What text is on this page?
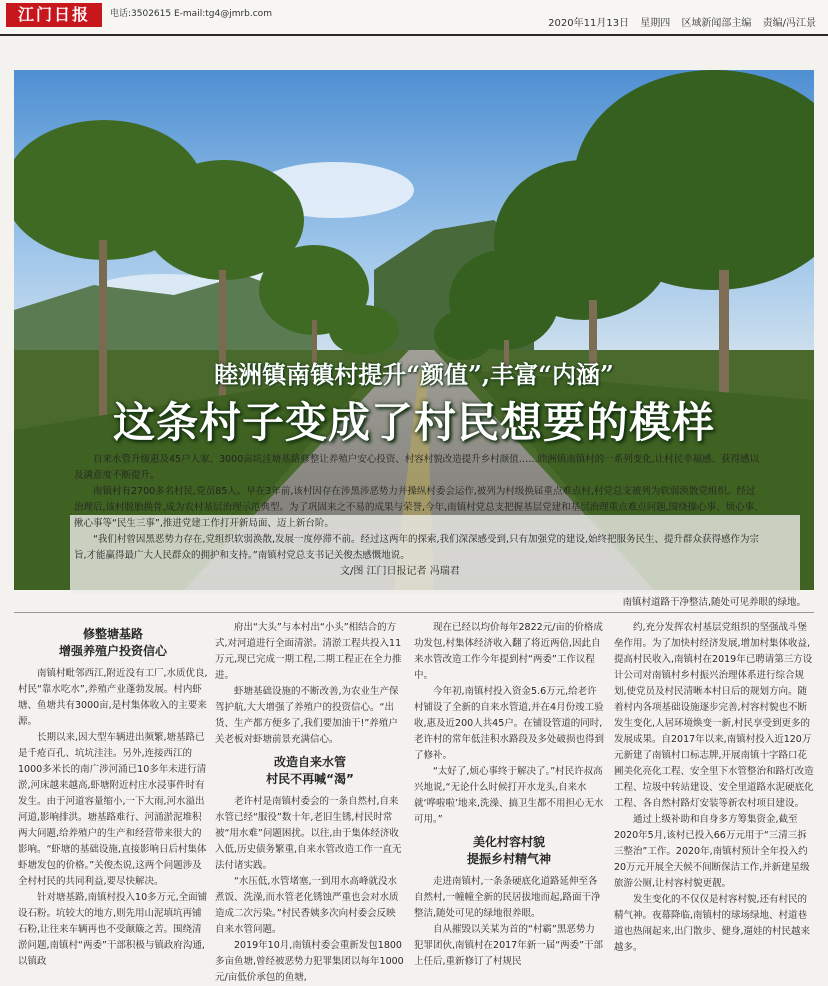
江门日报	电话:3502615 E-mail:tg4@jmrb.com
2020年11月13日 星期四 区域新闻部主编 责编/冯江景
睦洲镇南镇村提升“颜值”,丰富“内涵”
这条村子变成了村民想要的模样

自来水管升级惠及45户人家、3000亩坑洼塘基路修整让养殖户安心投资、村容村貌改造提升乡村颜值……睦洲镇南镇村的一系列变化,让村民幸福感、获得感以及满意度不断提升。

南镇村有2700多名村民,党员85人。早在3年前,该村因存在涉黑涉恶势力并操纵村委会运作,被列为村级换届重点难点村,村党总支被列为软弱涣散党组织。经过治理后,该村脱胎换骨,成为农村基层治理示范典型。为了巩固来之不易的成果与荣誉,今年,南镇村党总支把握基层党建和基层治理重点难点问题,围绕操心事、烦心事、揪心事等“民生三事”,推进党建工作打开新局面、迈上新台阶。

“我们村曾因黑恶势力存在,党组织软弱涣散,发展一度停滞不前。经过这两年的探索,我们深深感受到,只有加强党的建设,始终把服务民生、提升群众获得感作为宗旨,才能赢得最广大人民群众的拥护和支持。”南镇村党总支书记关俊杰感慨地说。

文/图 江门日报记者 冯瑞君
南镇村道路干净整洁,随处可见养眼的绿地。
修整塘基路
增强养殖户投资信心

南镇村毗邻西江,附近没有工厂,水质优良,村民“靠水吃水”,养殖产业蓬勃发展。村内虾塘、鱼塘共有3000亩,是村集体收入的主要来源。

长期以来,因大型车辆进出频繁,塘基路已是千疮百孔、坑坑洼洼。另外,连接西江的1000多米长的南广涉河涌已10多年未进行清淤,河床越来越高,虾塘附近村庄水浸事件时有发生。由于河道容量缩小,一下大雨,河水溢出河道,影响排洪。塘基路难行、河涌淤泥堆积两大问题,给养殖户的生产和经营带来很大的影响。“虾塘的基础设施,直接影响日后村集体虾塘发包的价格。”关俊杰说,这两个问题涉及全村村民的共同利益,要尽快解决。

针对塘基路,南镇村投入10多万元,全面铺设石粉。坑较大的地方,则先用山泥填坑再铺石粉,让往来车辆再也不受颠簸之苦。围绕清淤问题,南镇村“两委”干部积极与镇政府沟通,以镇政

府出“大头”与本村出“小头”相结合的方式,对河道进行全面清淤。清淤工程共投入11万元,现已完成一期工程,二期工程正在全力推进。

虾塘基础设施的不断改善,为农业生产保驾护航,大大增强了养殖户的投资信心。“出货、生产都方便多了,我们要加油干!”养殖户关老板对虾塘前景充满信心。

改造自来水管
村民不再喊“渴”

老许村是南镇村委会的一条自然村,自来水管已经“服役”数十年,老旧生锈,村民时常被“用水难”问题困扰。以往,由于集体经济收入低,历史债务繁重,自来水管改造工作一直无法付诸实践。

“水压低,水管堵塞,一到用水高峰就没水煮饭、洗澡,而水管老化锈蚀严重也会对水质造成二次污染。”村民香姨多次向村委会反映自来水管问题。

2019年10月,南镇村委会重新发包1800多亩鱼塘,曾经被恶势力犯罪集团以每年1000元/亩低价承包的鱼塘,

现在已经以均价每年2822元/亩的价格成功发包,村集体经济收入翻了将近两倍,因此自来水管改造工作今年提到村“两委”工作议程中。

今年初,南镇村投入资金5.6万元,给老许村铺设了全新的自来水管道,并在4月份竣工验收,惠及近200人共45户。在铺设管道的同时,老许村的常年低洼积水路段及多处破损也得到了修补。

“太好了,烦心事终于解决了。”村民许叔高兴地说,“无论什么时候打开水龙头,自来水就‘哗啦啦’地来,洗澡、搞卫生都不用担心无水可用。”

美化村容村貌
提振乡村精气神

走进南镇村,一条条硬底化道路延伸至各自然村,一幢幢全新的民居拔地而起,路面干净整洁,随处可见的绿地很养眼。

自从摧毁以关某为首的“村霸”黑恶势力犯罪团伙,南镇村在2017年新一届“两委”干部上任后,重新修订了村规民

约,充分发挥农村基层党组织的坚强战斗堡垒作用。为了加快村经济发展,增加村集体收益,提高村民收入,南镇村在2019年已聘请第三方设计公司对南镇村乡村振兴治理体系进行综合规划,使党员及村民清晰本村日后的规划方向。随着村内各项基础设施逐步完善,村容村貌也不断发生变化,人居环境焕变一新,村民享受到更多的发展成果。自2017年以来,南镇村投入近120万元新建了南镇村口标志牌,开展南镇十字路口花圃美化亮化工程、安全里下水管整治和路灯改造工程、垃圾中转站建设、安全里道路水泥硬底化工程、各自然村路灯安装等新农村项目建设。

通过上级补助和自身多方筹集资金,截至2020年5月,该村已投入66万元用于“三清三拆三整治”工作。2020年,南镇村预计全年投入约20万元开展全天候不间断保洁工作,并新建星级旅游公厕,让村容村貌更靓。

发生变化的不仅仅是村容村貌,还有村民的精气神。夜幕降临,南镇村的球场绿地、村道巷道也热闹起来,出门散步、健身,遛娃的村民越来越多。
